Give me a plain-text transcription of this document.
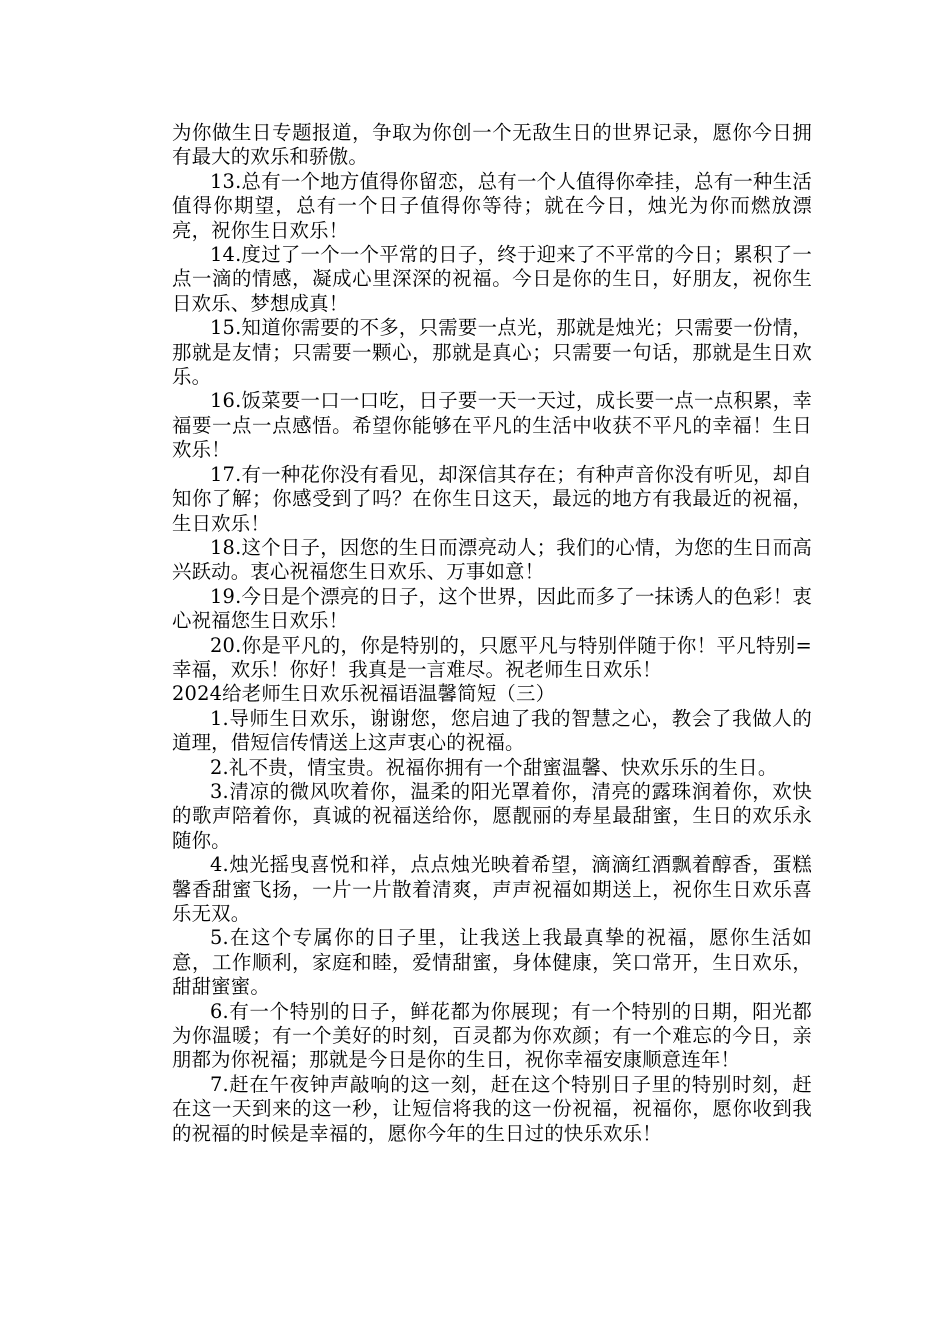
为你做生日专题报道，争取为你创一个无敌生日的世界记录，愿你今日拥有最大的欢乐和骄傲。

13.总有一个地方值得你留恋，总有一个人值得你牵挂，总有一种生活值得你期望，总有一个日子值得你等待；就在今日，烛光为你而燃放漂亮，祝你生日欢乐！

14.度过了一个一个平常的日子，终于迎来了不平常的今日；累积了一点一滴的情感，凝成心里深深的祝福。今日是你的生日，好朋友，祝你生日欢乐、梦想成真！

15.知道你需要的不多，只需要一点光，那就是烛光；只需要一份情，那就是友情；只需要一颗心，那就是真心；只需要一句话，那就是生日欢乐。

16.饭菜要一口一口吃，日子要一天一天过，成长要一点一点积累，幸福要一点一点感悟。希望你能够在平凡的生活中收获不平凡的幸福！生日欢乐！

17.有一种花你没有看见，却深信其存在；有种声音你没有听见，却自知你了解；你感受到了吗？在你生日这天，最远的地方有我最近的祝福，生日欢乐！

18.这个日子，因您的生日而漂亮动人；我们的心情，为您的生日而高兴跃动。衷心祝福您生日欢乐、万事如意！

19.今日是个漂亮的日子，这个世界，因此而多了一抹诱人的色彩！衷心祝福您生日欢乐！

20.你是平凡的，你是特别的，只愿平凡与特别伴随于你！平凡特别=幸福，欢乐！你好！我真是一言难尽。祝老师生日欢乐！

2024给老师生日欢乐祝福语温馨简短（三）

1.导师生日欢乐，谢谢您，您启迪了我的智慧之心，教会了我做人的道理，借短信传情送上这声衷心的祝福。

2.礼不贵，情宝贵。祝福你拥有一个甜蜜温馨、快欢乐乐的生日。

3.清凉的微风吹着你，温柔的阳光罩着你，清亮的露珠润着你，欢快的歌声陪着你，真诚的祝福送给你，愿靓丽的寿星最甜蜜，生日的欢乐永随你。

4.烛光摇曳喜悦和祥，点点烛光映着希望，滴滴红酒飘着醇香，蛋糕馨香甜蜜飞扬，一片一片散着清爽，声声祝福如期送上，祝你生日欢乐喜乐无双。

5.在这个专属你的日子里，让我送上我最真挚的祝福，愿你生活如意，工作顺利，家庭和睦，爱情甜蜜，身体健康，笑口常开，生日欢乐，甜甜蜜蜜。

6.有一个特别的日子，鲜花都为你展现；有一个特别的日期，阳光都为你温暖；有一个美好的时刻，百灵都为你欢颜；有一个难忘的今日，亲朋都为你祝福；那就是今日是你的生日，祝你幸福安康顺意连年！

7.赶在午夜钟声敲响的这一刻，赶在这个特别日子里的特别时刻，赶在这一天到来的这一秒，让短信将我的这一份祝福，祝福你，愿你收到我的祝福的时候是幸福的，愿你今年的生日过的快乐欢乐！
